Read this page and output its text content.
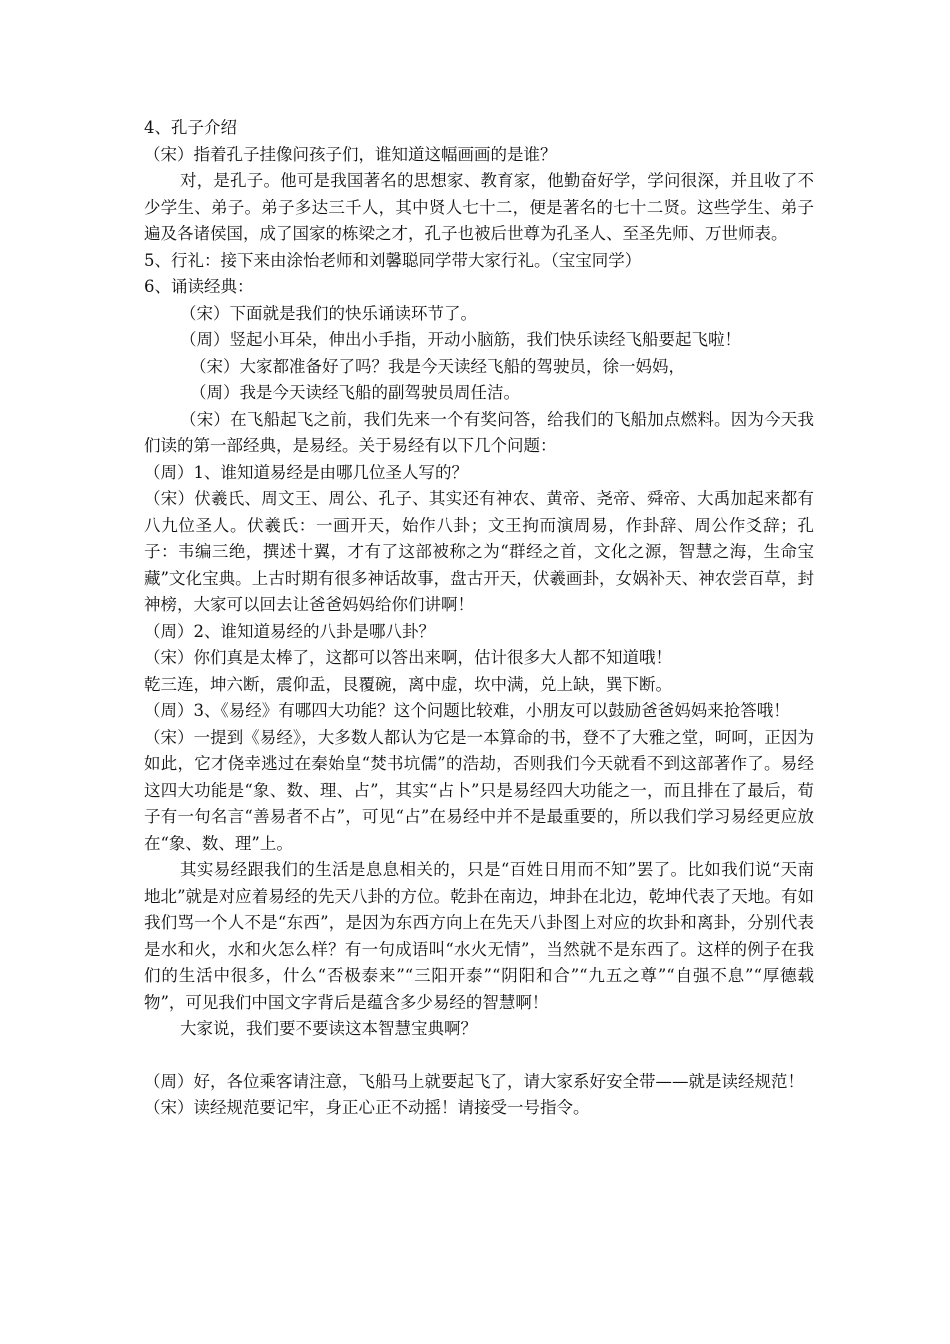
4、孔子介绍

（宋）指着孔子挂像问孩子们，谁知道这幅画画的是谁？

对，是孔子。他可是我国著名的思想家、教育家，他勤奋好学，学问很深，并且收了不少学生、弟子。弟子多达三千人，其中贤人七十二，便是著名的七十二贤。这些学生、弟子遍及各诸侯国，成了国家的栋梁之才，孔子也被后世尊为孔圣人、至圣先师、万世师表。

5、行礼：接下来由涂怡老师和刘馨聪同学带大家行礼。（宝宝同学）

6、诵读经典：

（宋）下面就是我们的快乐诵读环节了。

（周）竖起小耳朵，伸出小手指，开动小脑筋，我们快乐读经飞船要起飞啦！

（宋）大家都准备好了吗？我是今天读经飞船的驾驶员，徐一妈妈，

（周）我是今天读经飞船的副驾驶员周任洁。

（宋）在飞船起飞之前，我们先来一个有奖问答，给我们的飞船加点燃料。因为今天我们读的第一部经典，是易经。关于易经有以下几个问题：

（周）1、谁知道易经是由哪几位圣人写的？

（宋）伏羲氏、周文王、周公、孔子、其实还有神农、黄帝、尧帝、舜帝、大禹加起来都有八九位圣人。伏羲氏：一画开天，始作八卦；文王拘而演周易，作卦辞、周公作爻辞；孔子：韦编三绝，撰述十翼，才有了这部被称之为“群经之首，文化之源，智慧之海，生命宝藏”文化宝典。上古时期有很多神话故事，盘古开天，伏羲画卦，女娲补天、神农尝百草，封神榜，大家可以回去让爸爸妈妈给你们讲啊！

（周）2、谁知道易经的八卦是哪八卦？

（宋）你们真是太棒了，这都可以答出来啊，估计很多大人都不知道哦！

乾三连，坤六断，震仰盂，艮覆碗，离中虚，坎中满，兑上缺，巽下断。

（周）3、《易经》有哪四大功能？这个问题比较难，小朋友可以鼓励爸爸妈妈来抢答哦！

（宋）一提到《易经》，大多数人都认为它是一本算命的书，登不了大雅之堂，呵呵，正因为如此，它才侥幸逃过在秦始皇“焚书坑儒”的浩劫，否则我们今天就看不到这部著作了。易经这四大功能是“象、数、理、占”，其实“占卜”只是易经四大功能之一，而且排在了最后，荀子有一句名言“善易者不占”，可见“占”在易经中并不是最重要的，所以我们学习易经更应放在“象、数、理”上。

其实易经跟我们的生活是息息相关的，只是“百姓日用而不知”罢了。比如我们说“天南地北”就是对应着易经的先天八卦的方位。乾卦在南边，坤卦在北边，乾坤代表了天地。有如我们骂一个人不是“东西”，是因为东西方向上在先天八卦图上对应的坎卦和离卦，分别代表是水和火，水和火怎么样？有一句成语叫“水火无情”，当然就不是东西了。这样的例子在我们的生活中很多，什么“否极泰来”“三阳开泰”“阴阳和合”“九五之尊”“自强不息”“厚德载物”，可见我们中国文字背后是蕴含多少易经的智慧啊！

大家说，我们要不要读这本智慧宝典啊？

（周）好，各位乘客请注意，飞船马上就要起飞了，请大家系好安全带——就是读经规范！

（宋）读经规范要记牢，身正心正不动摇！请接受一号指令。
